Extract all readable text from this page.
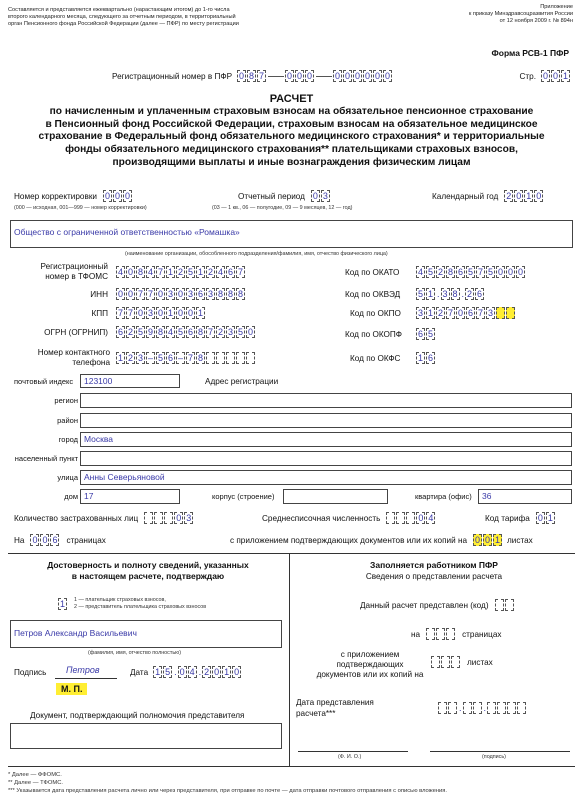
Составляется и представляется ежеквартально (нарастающим итогом) до 1-го числа
второго календарного месяца, следующего за отчетным периодом, в территориальный
орган Пенсионного фонда Российской Федерации (далее — ПФР) по месту регистрации
Приложение
к приказу Минздравсоцразвития России
от 12 ноября 2009 г. № 894н
Форма РСВ-1 ПФР
Регистрационный номер в ПФР 0 8 7	0 0 0	0 0 0 0 0 0	Стр. 0 0 1
РАСЧЕТ
по начисленным и уплаченным страховым взносам на обязательное пенсионное страхование
в Пенсионный фонд Российской Федерации, страховым взносам на обязательное медицинское
страхование в Федеральный фонд обязательного медицинского страхования* и территориальные
фонды обязательного медицинского страхования** плательщиками страховых взносов,
производящими выплаты и иные вознаграждения физическим лицам
Номер корректировки 0 0 0
(000 — исходная, 001—999 — номер корректировки)
Отчетный период 0 3
(03 — 1 кв., 06 — полугодие, 09 — 9 месяцев, 12 — год)
Календарный год 2 0 1 0
Общество с ограниченной ответственностью «Ромашка»
(наименование организации, обособленного подразделения/фамилия, имя, отчество физического лица)
Регистрационный
номер в ТФОМС 4 0 8 4 7 1 2 5 1 2 4 6 7
ИНН 0 0 7 7 0 3 0 3 6 3 8 8 8
КПП 7 7 0 3 0 1 0 0 1
ОГРН (ОГРНИП) 6 2 5 9 8 4 5 6 8 7 2 3 5 0
Номер контактного
телефона 1 2 3 – 5 6 – 7 8
Код по ОКАТО 4 5 2 8 6 5 7 5 0 0 0
Код по ОКВЭД 5 1 . 3 8 . 2 6
Код по ОКПО 3 1 2 7 0 6 7 3
Код по ОКОПФ 6 5
Код по ОКФС 1 6
почтовый индекс	123100	Адрес регистрации
регион
район
город Москва
населенный пункт
улица Анны Северьяновой
дом 17	корпус (строение)	квартира (офис)	36
Количество застрахованных лиц	0 3	Среднесписочная численность	0 4	Код тарифа 0 1
На 0 0 6 страницах	с приложением подтверждающих документов или их копий на 0 0 1 листах
Достоверность и полноту сведений, указанных
в настоящем расчете, подтверждаю
1	1 — плательщик страховых взносов,
2 — представитель плательщика страховых взносов
Петров Александр Васильевич
(фамилия, имя, отчество полностью)
Подпись Петров	Дата 1 5 . 0 4 . 2 0 1 0
М. П.
Документ, подтверждающий полномочия представителя
Заполняется работником ПФР
Сведения о представлении расчета
Данный расчет представлен (код)
на	страницах
с приложением
подтверждающих
документов или их копий на
листах
Дата представления
расчета***
. .
(Ф. И. О.)	(подпись)
* Далее — ФФОМС.
** Далее — ТФОМС.
*** Указывается дата представления расчета лично или через представителя, при отправке по почте — дата отправки почтового отправления с описью вложения.
